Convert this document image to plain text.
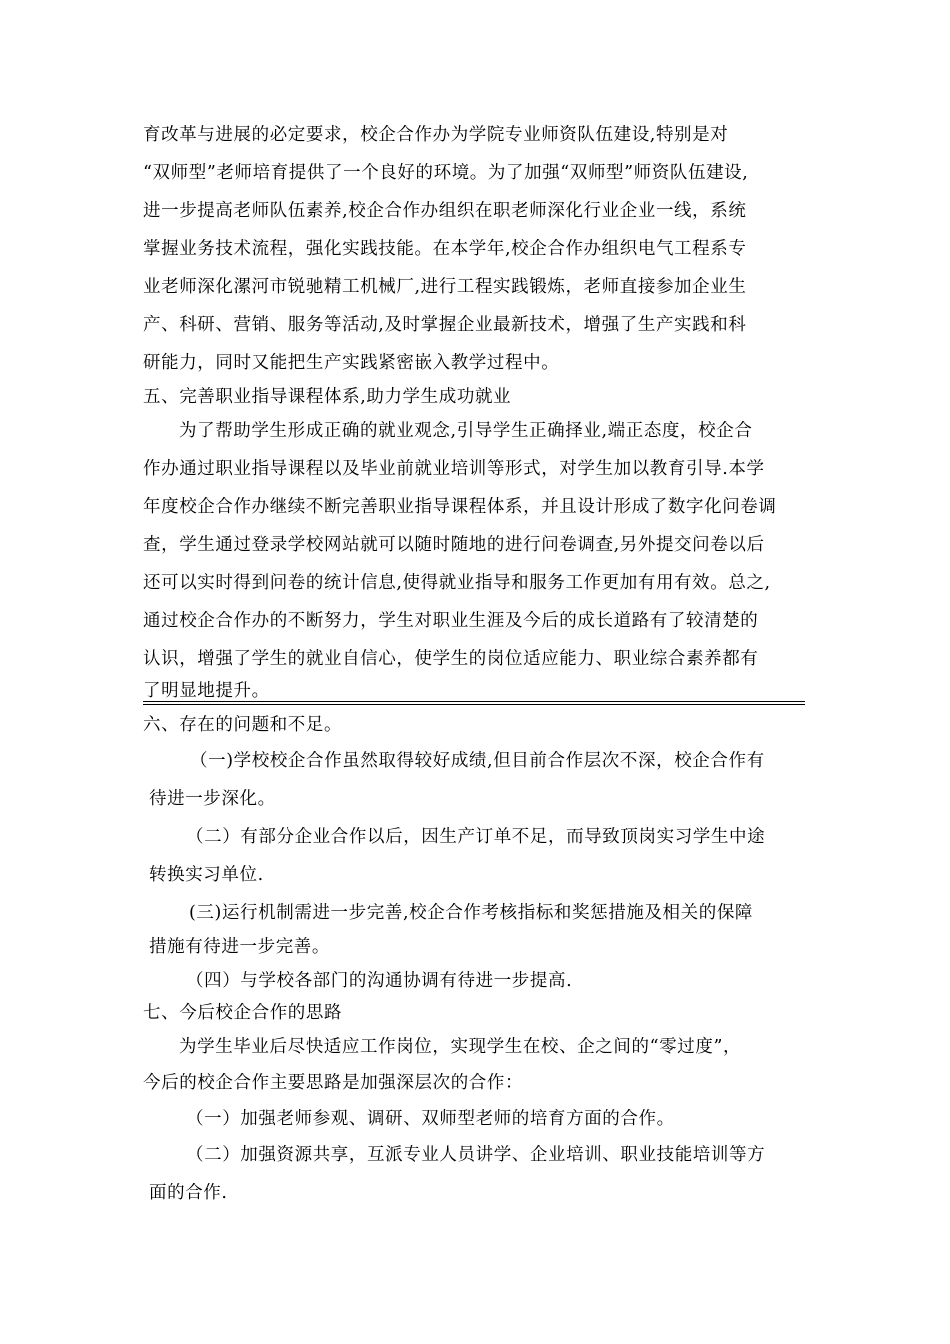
育改革与进展的必定要求，校企合作办为学院专业师资队伍建设,特别是对
“双师型”老师培育提供了一个良好的环境。为了加强“双师型”师资队伍建设,
进一步提高老师队伍素养,校企合作办组织在职老师深化行业企业一线，系统
掌握业务技术流程，强化实践技能。在本学年,校企合作办组织电气工程系专
业老师深化漯河市锐驰精工机械厂,进行工程实践锻炼，老师直接参加企业生
产、科研、营销、服务等活动,及时掌握企业最新技术，增强了生产实践和科
研能力，同时又能把生产实践紧密嵌入教学过程中。
五、完善职业指导课程体系,助力学生成功就业
为了帮助学生形成正确的就业观念,引导学生正确择业,端正态度，校企合
作办通过职业指导课程以及毕业前就业培训等形式，对学生加以教育引导.本学
年度校企合作办继续不断完善职业指导课程体系，并且设计形成了数字化问卷调
查，学生通过登录学校网站就可以随时随地的进行问卷调查,另外提交问卷以后
还可以实时得到问卷的统计信息,使得就业指导和服务工作更加有用有效。总之,
通过校企合作办的不断努力，学生对职业生涯及今后的成长道路有了较清楚的
认识，增强了学生的就业自信心，使学生的岗位适应能力、职业综合素养都有
了明显地提升。
六、存在的问题和不足。
（一)学校校企合作虽然取得较好成绩,但目前合作层次不深，校企合作有
待进一步深化。
（二）有部分企业合作以后，因生产订单不足，而导致顶岗实习学生中途
转换实习单位.
(三)运行机制需进一步完善,校企合作考核指标和奖惩措施及相关的保障
措施有待进一步完善。
（四）与学校各部门的沟通协调有待进一步提高.
七、今后校企合作的思路
为学生毕业后尽快适应工作岗位，实现学生在校、企之间的“零过度”，
今后的校企合作主要思路是加强深层次的合作：
（一）加强老师参观、调研、双师型老师的培育方面的合作。
（二）加强资源共享，互派专业人员讲学、企业培训、职业技能培训等方
面的合作.
